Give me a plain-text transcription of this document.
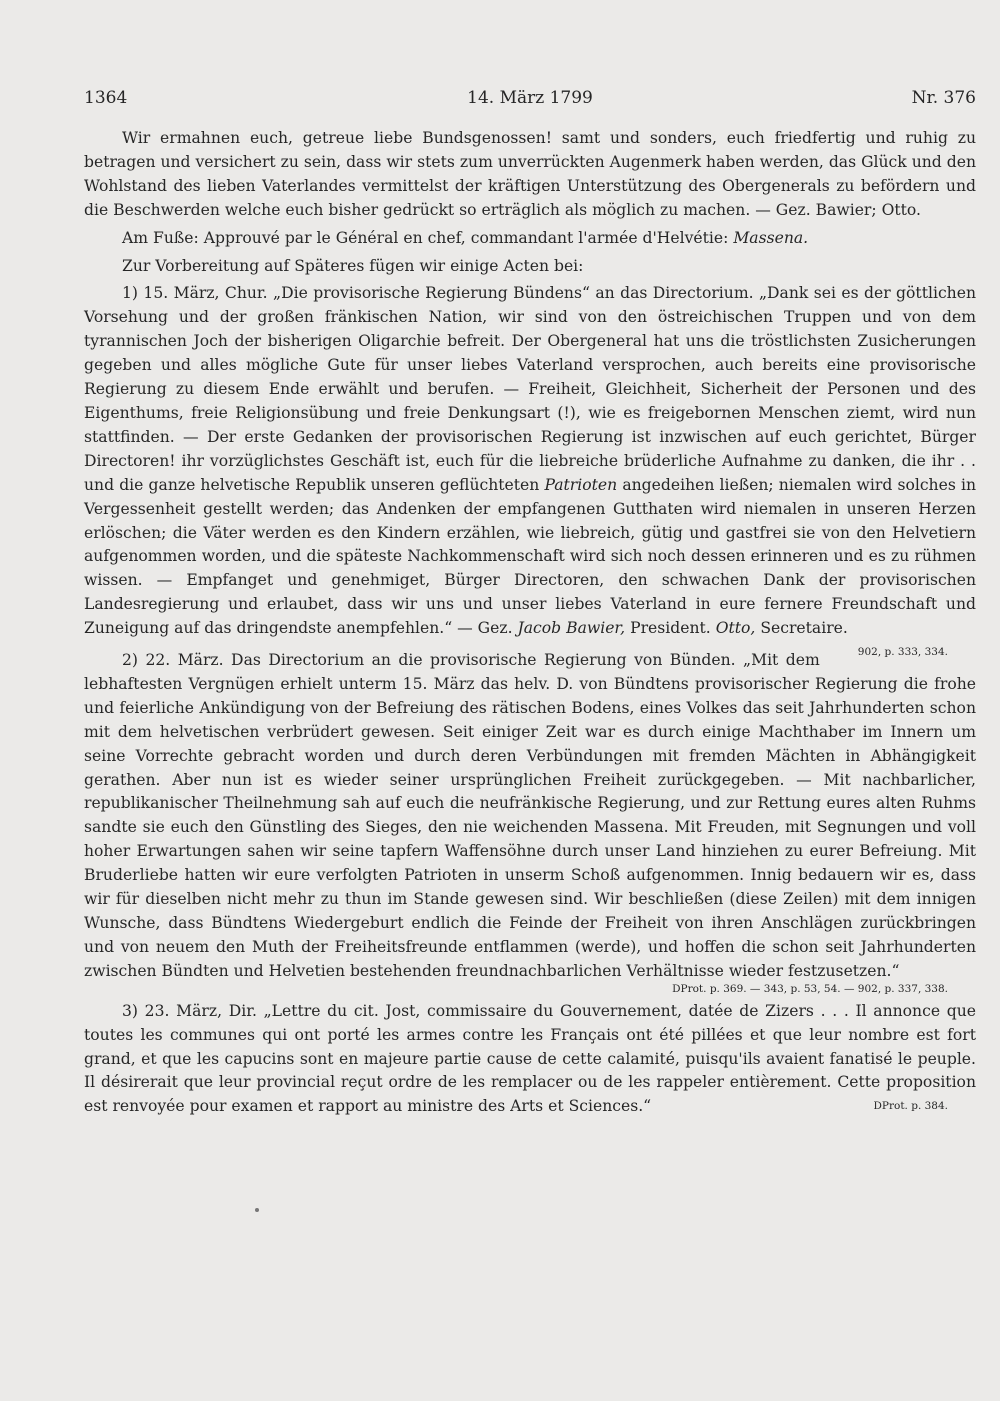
1364	14. März 1799	Nr. 376

Wir ermahnen euch, getreue liebe Bundsgenossen! samt und sonders, euch friedfertig und ruhig zu betragen und versichert zu sein, dass wir stets zum unverrückten Augenmerk haben werden, das Glück und den Wohlstand des lieben Vaterlandes vermittelst der kräftigen Unterstützung des Obergenerals zu befördern und die Beschwerden welche euch bisher gedrückt so erträglich als möglich zu machen. — Gez. Bawier; Otto.

Am Fuße: Approuvé par le Général en chef, commandant l'armée d'Helvétie: Massena.

Zur Vorbereitung auf Späteres fügen wir einige Acten bei:

1) 15. März, Chur. „Die provisorische Regierung Bündens“ an das Directorium. „Dank sei es der göttlichen Vorsehung und der großen fränkischen Nation, wir sind von den östreichischen Truppen und von dem tyrannischen Joch der bisherigen Oligarchie befreit. Der Obergeneral hat uns die tröstlichsten Zusicherungen gegeben und alles mögliche Gute für unser liebes Vaterland versprochen, auch bereits eine provisorische Regierung zu diesem Ende erwählt und berufen. — Freiheit, Gleichheit, Sicherheit der Personen und des Eigenthums, freie Religionsübung und freie Denkungsart (!), wie es freigebornen Menschen ziemt, wird nun stattfinden. — Der erste Gedanken der provisorischen Regierung ist inzwischen auf euch gerichtet, Bürger Directoren! ihr vorzüglichstes Geschäft ist, euch für die liebreiche brüderliche Aufnahme zu danken, die ihr . . und die ganze helvetische Republik unseren geflüchteten Patrioten angedeihen ließen; niemalen wird solches in Vergessenheit gestellt werden; das Andenken der empfangenen Gutthaten wird niemalen in unseren Herzen erlöschen; die Väter werden es den Kindern erzählen, wie liebreich, gütig und gastfrei sie von den Helvetiern aufgenommen worden, und die späteste Nachkommenschaft wird sich noch dessen erinneren und es zu rühmen wissen. — Empfanget und genehmiget, Bürger Directoren, den schwachen Dank der provisorischen Landesregierung und erlaubet, dass wir uns und unser liebes Vaterland in eure fernere Freundschaft und Zuneigung auf das dringendste anempfehlen.“ — Gez. Jacob Bawier, President. Otto, Secretaire.
902, p. 333, 334.

2) 22. März. Das Directorium an die provisorische Regierung von Bünden. „Mit dem lebhaftesten Vergnügen erhielt unterm 15. März das helv. D. von Bündtens provisorischer Regierung die frohe und feierliche Ankündigung von der Befreiung des rätischen Bodens, eines Volkes das seit Jahrhunderten schon mit dem helvetischen verbrüdert gewesen. Seit einiger Zeit war es durch einige Machthaber im Innern um seine Vorrechte gebracht worden und durch deren Verbündungen mit fremden Mächten in Abhängigkeit gerathen. Aber nun ist es wieder seiner ursprünglichen Freiheit zurückgegeben. — Mit nachbarlicher, republikanischer Theilnehmung sah auf euch die neufränkische Regierung, und zur Rettung eures alten Ruhms sandte sie euch den Günstling des Sieges, den nie weichenden Massena. Mit Freuden, mit Segnungen und voll hoher Erwartungen sahen wir seine tapfern Waffensöhne durch unser Land hinziehen zu eurer Befreiung. Mit Bruderliebe hatten wir eure verfolgten Patrioten in unserm Schoß aufgenommen. Innig bedauern wir es, dass wir für dieselben nicht mehr zu thun im Stande gewesen sind. Wir beschließen (diese Zeilen) mit dem innigen Wunsche, dass Bündtens Wiedergeburt endlich die Feinde der Freiheit von ihren Anschlägen zurückbringen und von neuem den Muth der Freiheitsfreunde entflammen (werde), und hoffen die schon seit Jahrhunderten zwischen Bündten und Helvetien bestehenden freundnachbarlichen Verhältnisse wieder festzusetzen.“

DProt. p. 369. — 343, p. 53, 54. — 902, p. 337, 338.

3) 23. März, Dir. „Lettre du cit. Jost, commissaire du Gouvernement, datée de Zizers . . . Il annonce que toutes les communes qui ont porté les armes contre les Français ont été pillées et que leur nombre est fort grand, et que les capucins sont en majeure partie cause de cette calamité, puisqu'ils avaient fanatisé le peuple. Il désirerait que leur provincial reçut ordre de les remplacer ou de les rappeler entièrement. Cette proposition est renvoyée pour examen et rapport au ministre des Arts et Sciences.“	DProt. p. 384.
